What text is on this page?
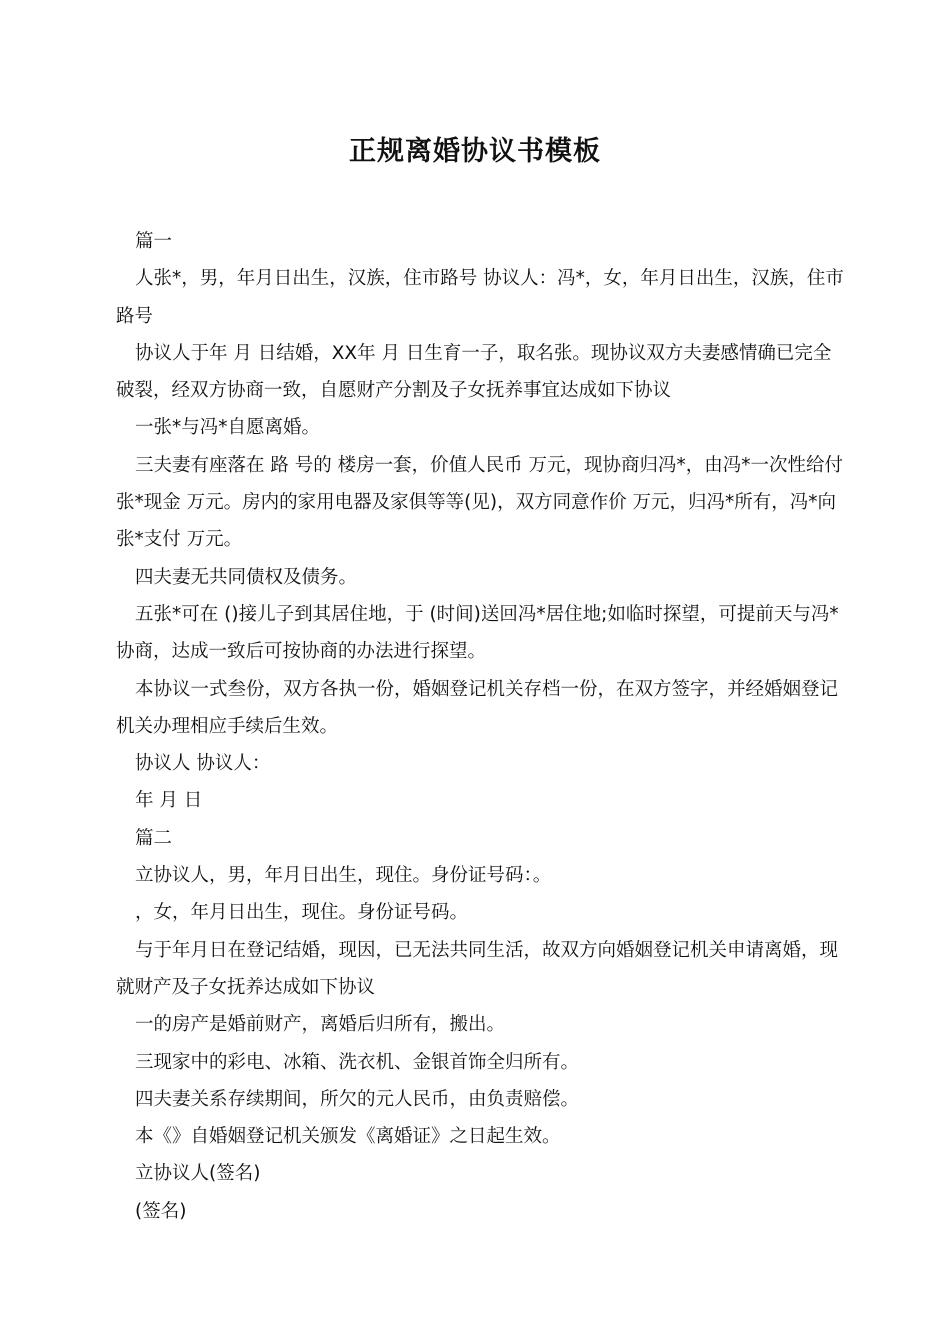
正规离婚协议书模板

篇一

人张*，男，年月日出生，汉族，住市路号 协议人：冯*，女，年月日出生，汉族，住市路号

协议人于年 月 日结婚，XX年 月 日生育一子，取名张。现协议双方夫妻感情确已完全破裂，经双方协商一致，自愿财产分割及子女抚养事宜达成如下协议

一张*与冯*自愿离婚。

三夫妻有座落在 路 号的 楼房一套，价值人民币 万元，现协商归冯*，由冯*一次性给付张*现金 万元。房内的家用电器及家俱等等(见)，双方同意作价 万元，归冯*所有，冯*向张*支付 万元。

四夫妻无共同债权及债务。

五张*可在 ()接儿子到其居住地，于 (时间)送回冯*居住地;如临时探望，可提前天与冯*协商，达成一致后可按协商的办法进行探望。

本协议一式叁份，双方各执一份，婚姻登记机关存档一份，在双方签字，并经婚姻登记机关办理相应手续后生效。

协议人 协议人：

年 月 日

篇二

立协议人，男，年月日出生，现住。身份证号码：。

，女，年月日出生，现住。身份证号码。

与于年月日在登记结婚，现因，已无法共同生活，故双方向婚姻登记机关申请离婚，现就财产及子女抚养达成如下协议

一的房产是婚前财产，离婚后归所有，搬出。

三现家中的彩电、冰箱、洗衣机、金银首饰全归所有。

四夫妻关系存续期间，所欠的元人民币，由负责赔偿。

本《》自婚姻登记机关颁发《离婚证》之日起生效。

立协议人(签名)

(签名)
